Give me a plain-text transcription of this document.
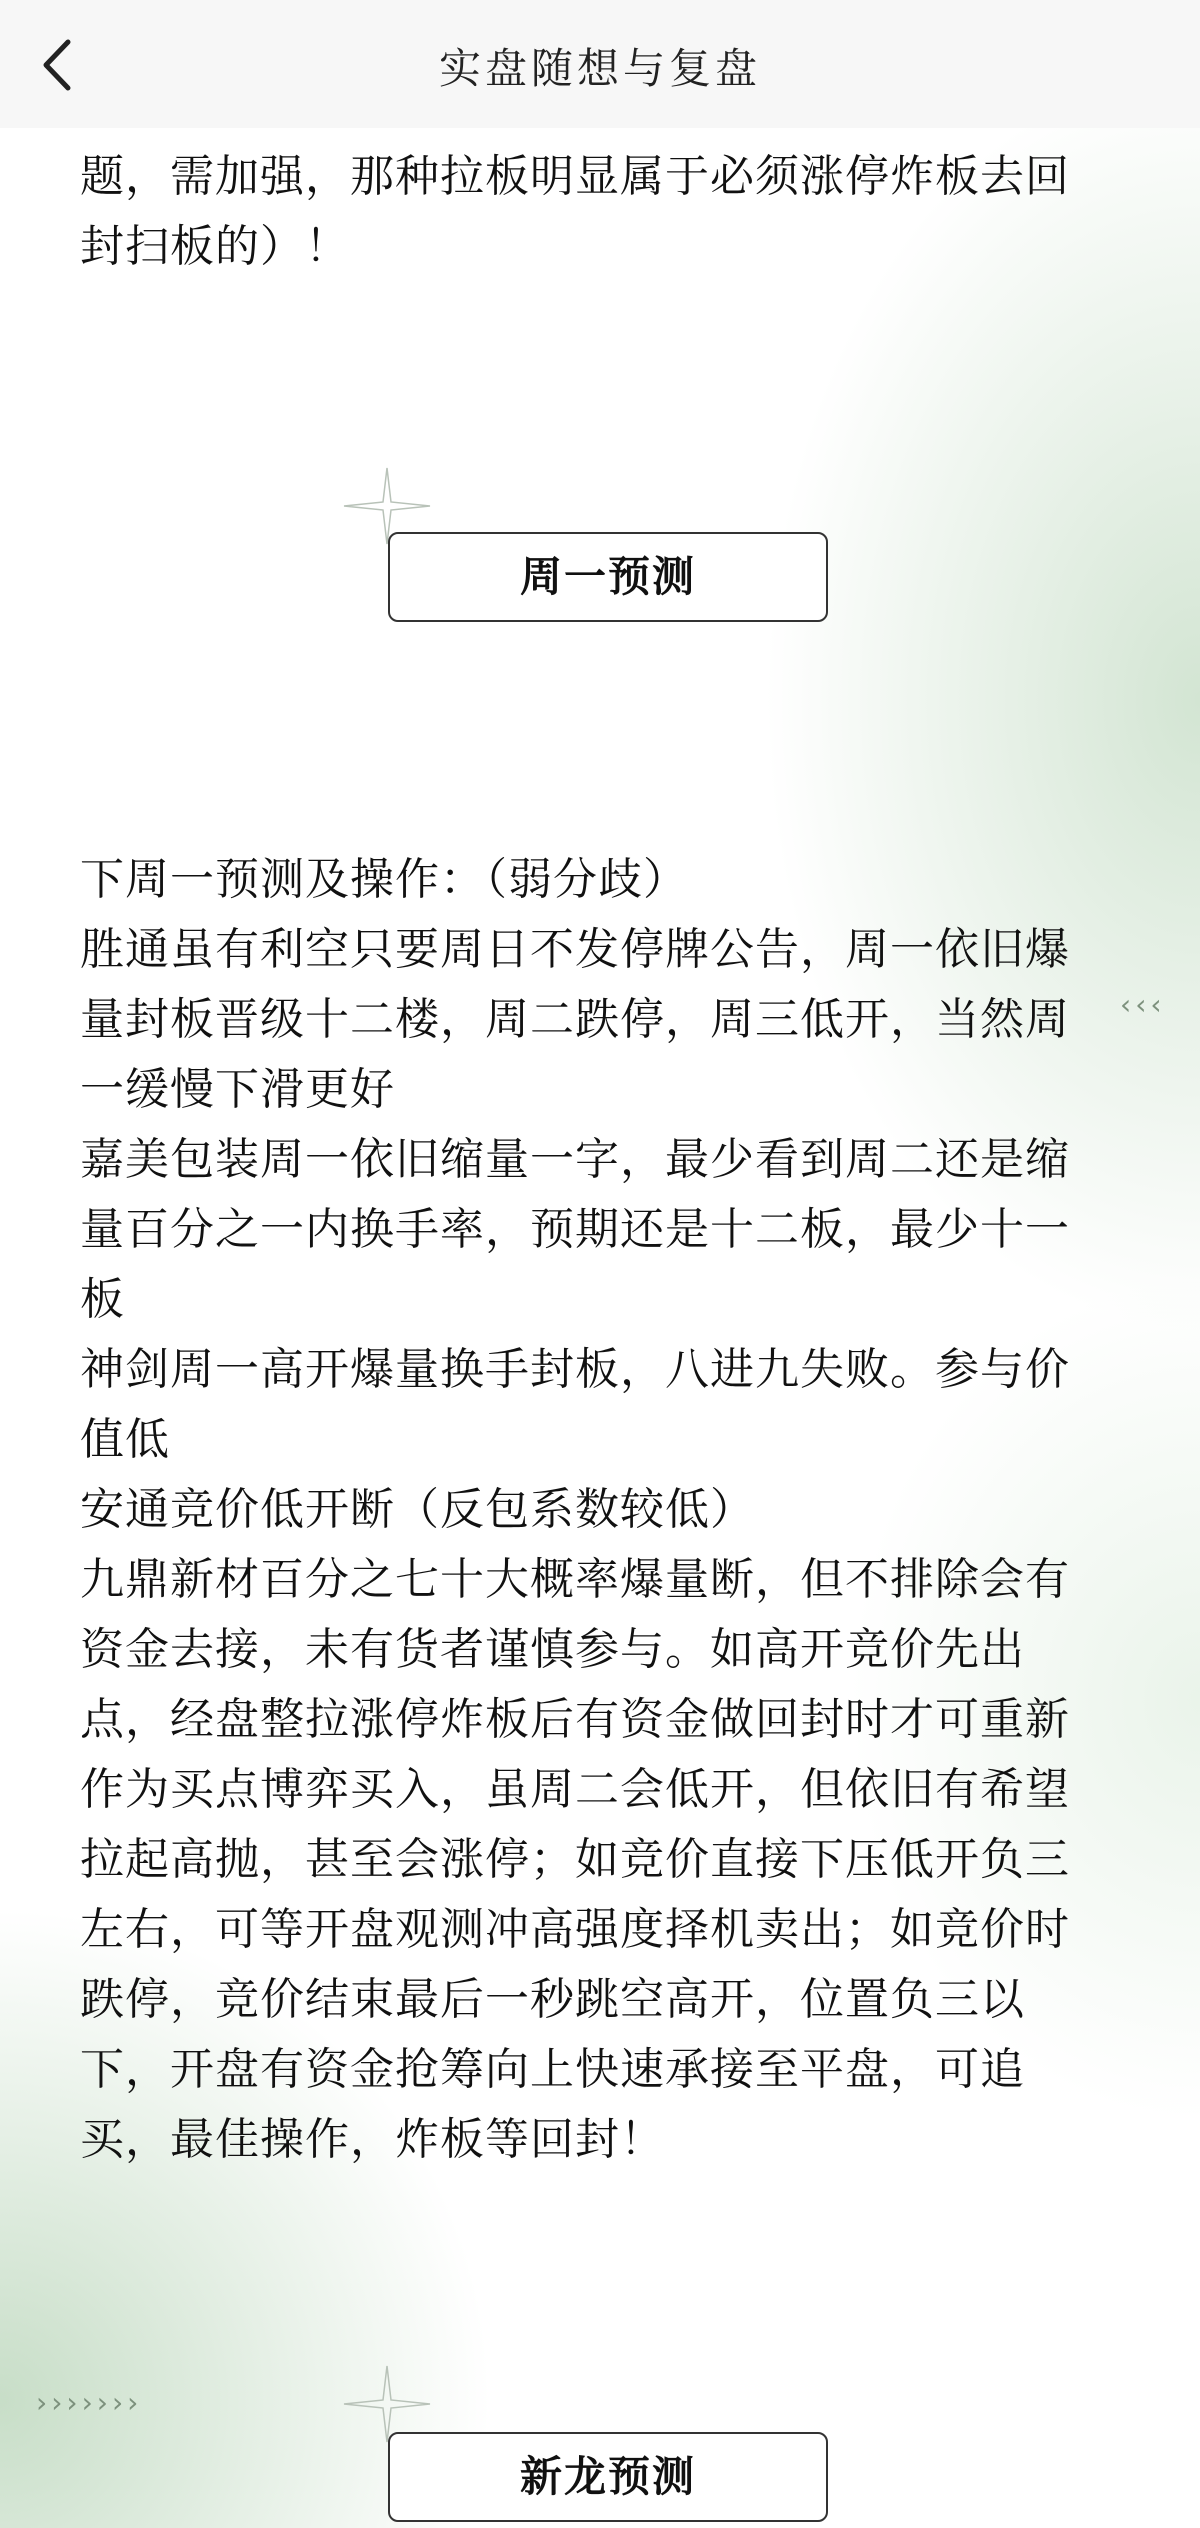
实盘随想与复盘

题，需加强，那种拉板明显属于必须涨停炸板去回

封扫板的）！

周一预测

下周一预测及操作：（弱分歧）

胜通虽有利空只要周日不发停牌公告，周一依旧爆

量封板晋级十二楼，周二跌停，周三低开，当然周

一缓慢下滑更好

嘉美包装周一依旧缩量一字，最少看到周二还是缩

量百分之一内换手率，预期还是十二板，最少十一

板

神剑周一高开爆量换手封板，八进九失败。参与价

值低

安通竞价低开断（反包系数较低）

九鼎新材百分之七十大概率爆量断，但不排除会有

资金去接，未有货者谨慎参与。如高开竞价先出

点，经盘整拉涨停炸板后有资金做回封时才可重新

作为买点博弈买入，虽周二会低开，但依旧有希望

拉起高抛，甚至会涨停；如竞价直接下压低开负三

左右，可等开盘观测冲高强度择机卖出；如竞价时

跌停，竞价结束最后一秒跳空高开，位置负三以

下，开盘有资金抢筹向上快速承接至平盘，可追

买，最佳操作，炸板等回封！

‹‹‹
›››››››
新龙预测
